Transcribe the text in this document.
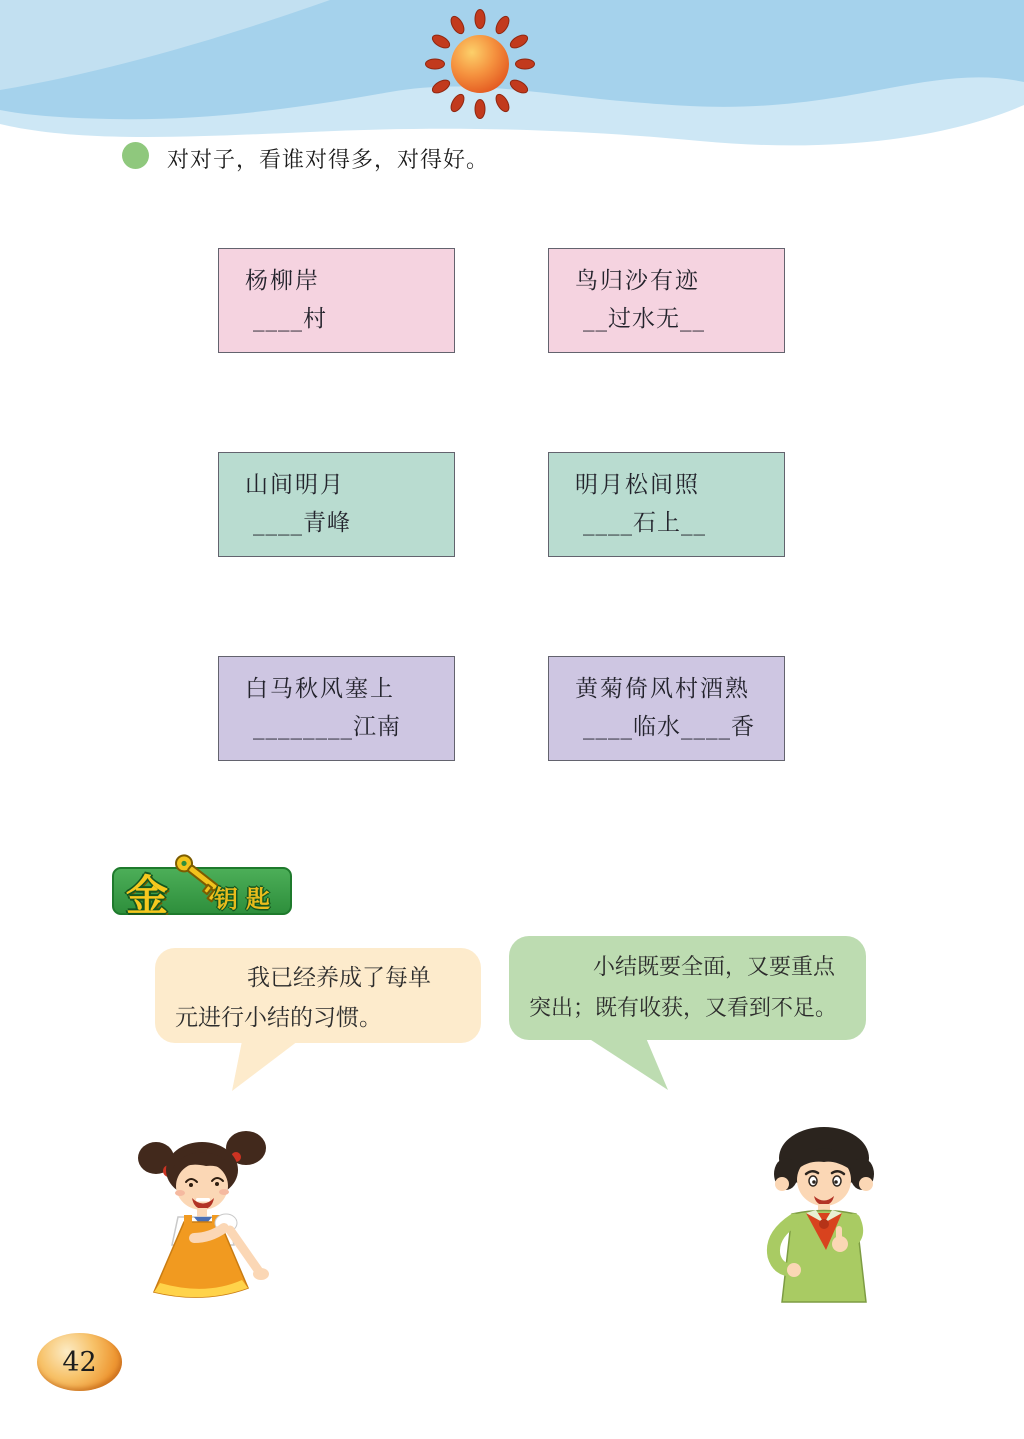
对对子，看谁对得多，对得好。
杨柳岸
____村
鸟归沙有迹
__过水无__
山间明月
____青峰
明月松间照
____石上__
白马秋风塞上
________江南
黄菊倚风村酒熟
____临水____香
金 钥匙

我已经养成了每单

元进行小结的习惯。

小结既要全面，又要重点

突出；既有收获，又看到不足。

42
